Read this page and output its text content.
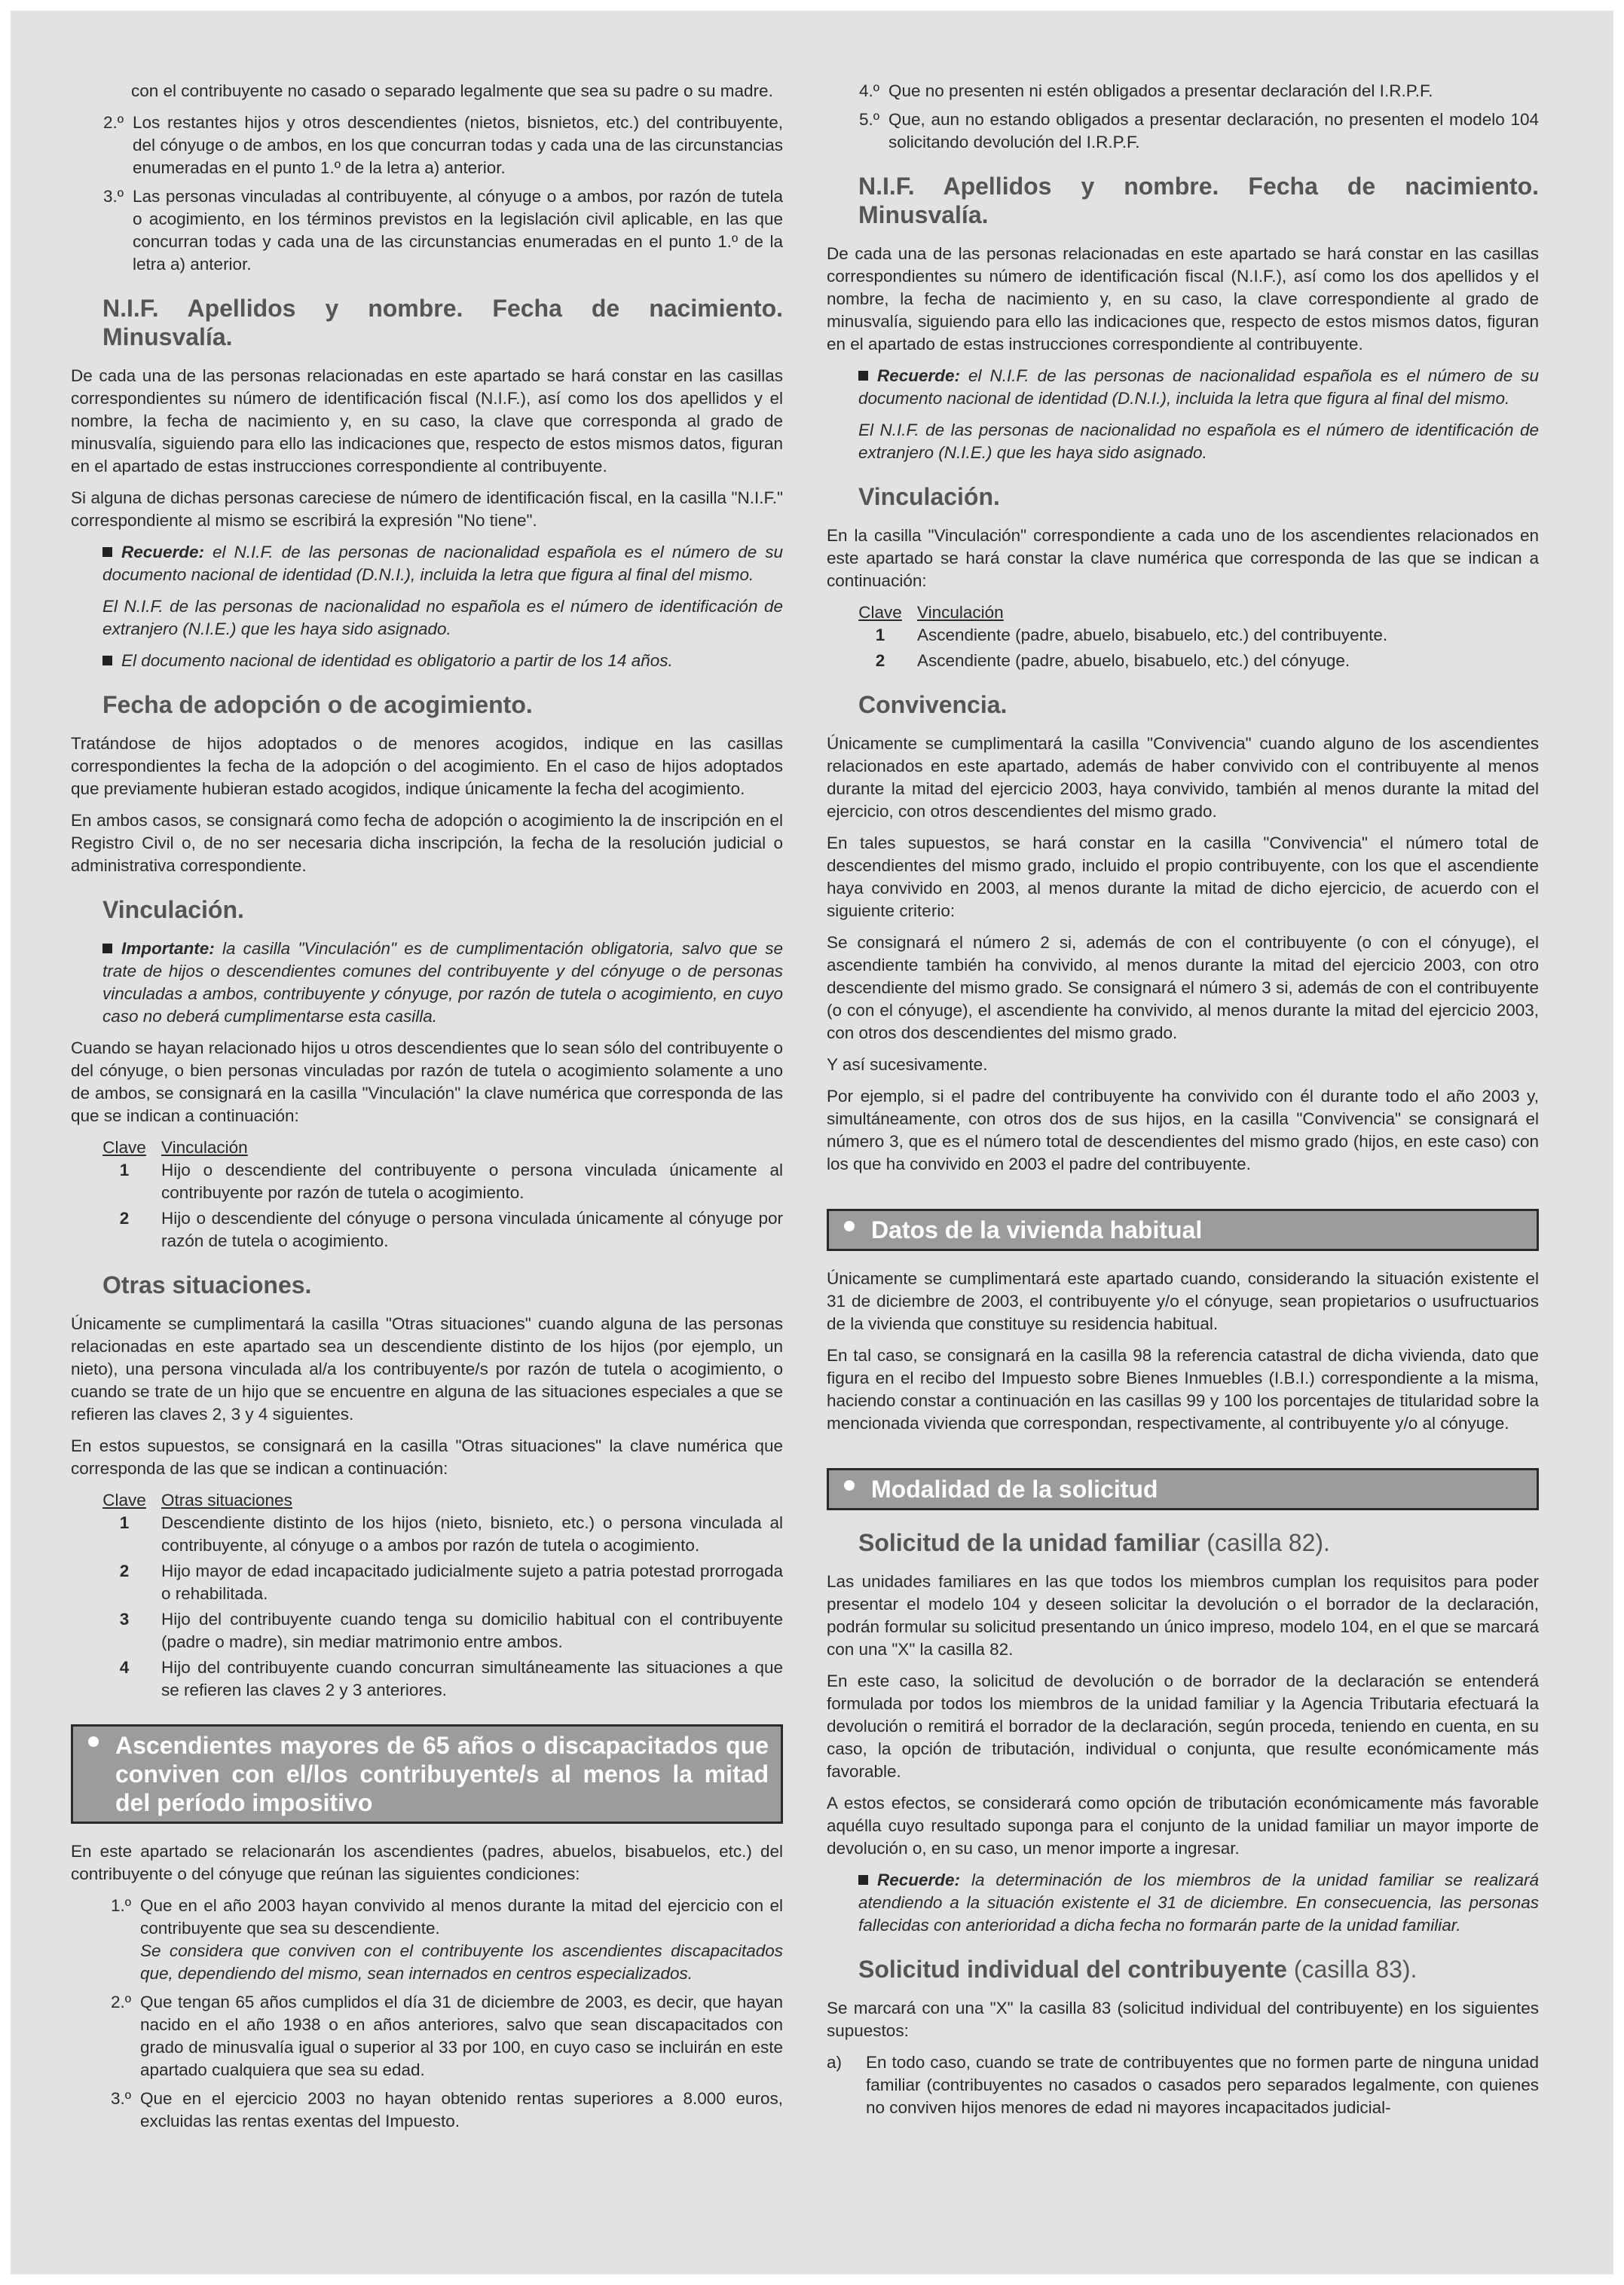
con el contribuyente no casado o separado legalmente que sea su padre o su madre.

2.º Los restantes hijos y otros descendientes (nietos, bisnietos, etc.) del contribuyente, del cónyuge o de ambos, en los que concurran todas y cada una de las circunstancias enumeradas en el punto 1.º de la letra a) anterior.
3.º Las personas vinculadas al contribuyente, al cónyuge o a ambos, por razón de tutela o acogimiento, en los términos previstos en la legislación civil aplicable, en las que concurran todas y cada una de las circunstancias enumeradas en el punto 1.º de la letra a) anterior.
N.I.F. Apellidos y nombre. Fecha de nacimiento. Minusvalía.

De cada una de las personas relacionadas en este apartado se hará constar en las casillas correspondientes su número de identificación fiscal (N.I.F.), así como los dos apellidos y el nombre, la fecha de nacimiento y, en su caso, la clave que corresponda al grado de minusvalía, siguiendo para ello las indicaciones que, respecto de estos mismos datos, figuran en el apartado de estas instrucciones correspondiente al contribuyente.

Si alguna de dichas personas careciese de número de identificación fiscal, en la casilla "N.I.F." correspondiente al mismo se escribirá la expresión "No tiene".

Recuerde: el N.I.F. de las personas de nacionalidad española es el número de su documento nacional de identidad (D.N.I.), incluida la letra que figura al final del mismo.

El N.I.F. de las personas de nacionalidad no española es el número de identificación de extranjero (N.I.E.) que les haya sido asignado.

El documento nacional de identidad es obligatorio a partir de los 14 años.

Fecha de adopción o de acogimiento.

Tratándose de hijos adoptados o de menores acogidos, indique en las casillas correspondientes la fecha de la adopción o del acogimiento. En el caso de hijos adoptados que previamente hubieran estado acogidos, indique únicamente la fecha del acogimiento.

En ambos casos, se consignará como fecha de adopción o acogimiento la de inscripción en el Registro Civil o, de no ser necesaria dicha inscripción, la fecha de la resolución judicial o administrativa correspondiente.

Vinculación.

Importante: la casilla "Vinculación" es de cumplimentación obligatoria, salvo que se trate de hijos o descendientes comunes del contribuyente y del cónyuge o de personas vinculadas a ambos, contribuyente y cónyuge, por razón de tutela o acogimiento, en cuyo caso no deberá cumplimentarse esta casilla.

Cuando se hayan relacionado hijos u otros descendientes que lo sean sólo del contribuyente o del cónyuge, o bien personas vinculadas por razón de tutela o acogimiento solamente a uno de ambos, se consignará en la casilla "Vinculación" la clave numérica que corresponda de las que se indican a continuación:

Clave Vinculación
1	Hijo o descendiente del contribuyente o persona vinculada únicamente al contribuyente por razón de tutela o acogimiento.
2	Hijo o descendiente del cónyuge o persona vinculada únicamente al cónyuge por razón de tutela o acogimiento.
Otras situaciones.

Únicamente se cumplimentará la casilla "Otras situaciones" cuando alguna de las personas relacionadas en este apartado sea un descendiente distinto de los hijos (por ejemplo, un nieto), una persona vinculada al/a los contribuyente/s por razón de tutela o acogimiento, o cuando se trate de un hijo que se encuentre en alguna de las situaciones especiales a que se refieren las claves 2, 3 y 4 siguientes.

En estos supuestos, se consignará en la casilla "Otras situaciones" la clave numérica que corresponda de las que se indican a continuación:

Clave Otras situaciones
1	Descendiente distinto de los hijos (nieto, bisnieto, etc.) o persona vinculada al contribuyente, al cónyuge o a ambos por razón de tutela o acogimiento.
2	Hijo mayor de edad incapacitado judicialmente sujeto a patria potestad prorrogada o rehabilitada.
3	Hijo del contribuyente cuando tenga su domicilio habitual con el contribuyente (padre o madre), sin mediar matrimonio entre ambos.
4	Hijo del contribuyente cuando concurran simultáneamente las situaciones a que se refieren las claves 2 y 3 anteriores.
Ascendientes mayores de 65 años o discapacitados que conviven con el/los contribuyente/s al menos la mitad del período impositivo

En este apartado se relacionarán los ascendientes (padres, abuelos, bisabuelos, etc.) del contribuyente o del cónyuge que reúnan las siguientes condiciones:

1.º Que en el año 2003 hayan convivido al menos durante la mitad del ejercicio con el contribuyente que sea su descendiente.
Se considera que conviven con el contribuyente los ascendientes discapacitados que, dependiendo del mismo, sean internados en centros especializados.
2.º Que tengan 65 años cumplidos el día 31 de diciembre de 2003, es decir, que hayan nacido en el año 1938 o en años anteriores, salvo que sean discapacitados con grado de minusvalía igual o superior al 33 por 100, en cuyo caso se incluirán en este apartado cualquiera que sea su edad.
3.º Que en el ejercicio 2003 no hayan obtenido rentas superiores a 8.000 euros, excluidas las rentas exentas del Impuesto.
4.º Que no presenten ni estén obligados a presentar declaración del I.R.P.F.
5.º Que, aun no estando obligados a presentar declaración, no presenten el modelo 104 solicitando devolución del I.R.P.F.
N.I.F. Apellidos y nombre. Fecha de nacimiento. Minusvalía.

De cada una de las personas relacionadas en este apartado se hará constar en las casillas correspondientes su número de identificación fiscal (N.I.F.), así como los dos apellidos y el nombre, la fecha de nacimiento y, en su caso, la clave correspondiente al grado de minusvalía, siguiendo para ello las indicaciones que, respecto de estos mismos datos, figuran en el apartado de estas instrucciones correspondiente al contribuyente.

Recuerde: el N.I.F. de las personas de nacionalidad española es el número de su documento nacional de identidad (D.N.I.), incluida la letra que figura al final del mismo.

El N.I.F. de las personas de nacionalidad no española es el número de identificación de extranjero (N.I.E.) que les haya sido asignado.

Vinculación.

En la casilla "Vinculación" correspondiente a cada uno de los ascendientes relacionados en este apartado se hará constar la clave numérica que corresponda de las que se indican a continuación:

Clave Vinculación
1	Ascendiente (padre, abuelo, bisabuelo, etc.) del contribuyente.
2	Ascendiente (padre, abuelo, bisabuelo, etc.) del cónyuge.
Convivencia.

Únicamente se cumplimentará la casilla "Convivencia" cuando alguno de los ascendientes relacionados en este apartado, además de haber convivido con el contribuyente al menos durante la mitad del ejercicio 2003, haya convivido, también al menos durante la mitad del ejercicio, con otros descendientes del mismo grado.

En tales supuestos, se hará constar en la casilla "Convivencia" el número total de descendientes del mismo grado, incluido el propio contribuyente, con los que el ascendiente haya convivido en 2003, al menos durante la mitad de dicho ejercicio, de acuerdo con el siguiente criterio:

Se consignará el número 2 si, además de con el contribuyente (o con el cónyuge), el ascendiente también ha convivido, al menos durante la mitad del ejercicio 2003, con otro descendiente del mismo grado. Se consignará el número 3 si, además de con el contribuyente (o con el cónyuge), el ascendiente ha convivido, al menos durante la mitad del ejercicio 2003, con otros dos descendientes del mismo grado.

Y así sucesivamente.

Por ejemplo, si el padre del contribuyente ha convivido con él durante todo el año 2003 y, simultáneamente, con otros dos de sus hijos, en la casilla "Convivencia" se consignará el número 3, que es el número total de descendientes del mismo grado (hijos, en este caso) con los que ha convivido en 2003 el padre del contribuyente.

Datos de la vivienda habitual

Únicamente se cumplimentará este apartado cuando, considerando la situación existente el 31 de diciembre de 2003, el contribuyente y/o el cónyuge, sean propietarios o usufructuarios de la vivienda que constituye su residencia habitual.

En tal caso, se consignará en la casilla 98 la referencia catastral de dicha vivienda, dato que figura en el recibo del Impuesto sobre Bienes Inmuebles (I.B.I.) correspondiente a la misma, haciendo constar a continuación en las casillas 99 y 100 los porcentajes de titularidad sobre la mencionada vivienda que correspondan, respectivamente, al contribuyente y/o al cónyuge.

Modalidad de la solicitud
Solicitud de la unidad familiar (casilla 82).

Las unidades familiares en las que todos los miembros cumplan los requisitos para poder presentar el modelo 104 y deseen solicitar la devolución o el borrador de la declaración, podrán formular su solicitud presentando un único impreso, modelo 104, en el que se marcará con una "X" la casilla 82.

En este caso, la solicitud de devolución o de borrador de la declaración se entenderá formulada por todos los miembros de la unidad familiar y la Agencia Tributaria efectuará la devolución o remitirá el borrador de la declaración, según proceda, teniendo en cuenta, en su caso, la opción de tributación, individual o conjunta, que resulte económicamente más favorable.

A estos efectos, se considerará como opción de tributación económicamente más favorable aquélla cuyo resultado suponga para el conjunto de la unidad familiar un mayor importe de devolución o, en su caso, un menor importe a ingresar.

Recuerde: la determinación de los miembros de la unidad familiar se realizará atendiendo a la situación existente el 31 de diciembre. En consecuencia, las personas fallecidas con anterioridad a dicha fecha no formarán parte de la unidad familiar.

Solicitud individual del contribuyente (casilla 83).

Se marcará con una "X" la casilla 83 (solicitud individual del contribuyente) en los siguientes supuestos:

a)	En todo caso, cuando se trate de contribuyentes que no formen parte de ninguna unidad familiar (contribuyentes no casados o casados pero separados legalmente, con quienes no conviven hijos menores de edad ni mayores incapacitados judicial-
